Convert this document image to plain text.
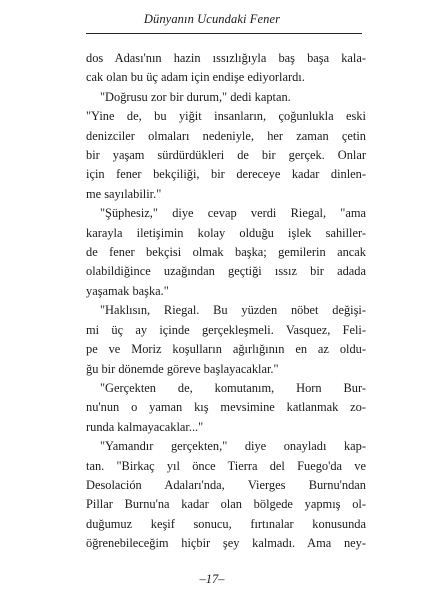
Dünyanın Ucundaki Fener
dos Adası'nın hazin ıssızlığıyla baş başa kala-
cak olan bu üç adam için endişe ediyorlardı.
"Doğrusu zor bir durum," dedi kaptan.
"Yine de, bu yiğit insanların, çoğunlukla eski
denizciler olmaları nedeniyle, her zaman çetin
bir yaşam sürdürdükleri de bir gerçek. Onlar
için fener bekçiliği, bir dereceye kadar dinlen-
me sayılabilir."
"Şüphesiz," diye cevap verdi Riegal, "ama
karayla iletişimin kolay olduğu işlek sahiller-
de fener bekçisi olmak başka; gemilerin ancak
olabildiğince uzağından geçtiği ıssız bir adada
yaşamak başka."
"Haklısın, Riegal. Bu yüzden nöbet değişi-
mi üç ay içinde gerçekleşmeli. Vasquez, Feli-
pe ve Moriz koşulların ağırlığının en az oldu-
ğu bir dönemde göreve başlayacaklar."
"Gerçekten de, komutanım, Horn Bur-
nu'nun o yaman kış mevsimine katlanmak zo-
runda kalmayacaklar..."
"Yamandır gerçekten," diye onayladı kap-
tan. "Birkaç yıl önce Tierra del Fuego'da ve
Desolación Adaları'nda, Vierges Burnu'ndan
Pillar Burnu'na kadar olan bölgede yapmış ol-
duğumuz keşif sonucu, fırtınalar konusunda
öğrenebileceğim hiçbir şey kalmadı. Ama ney-
–17–
